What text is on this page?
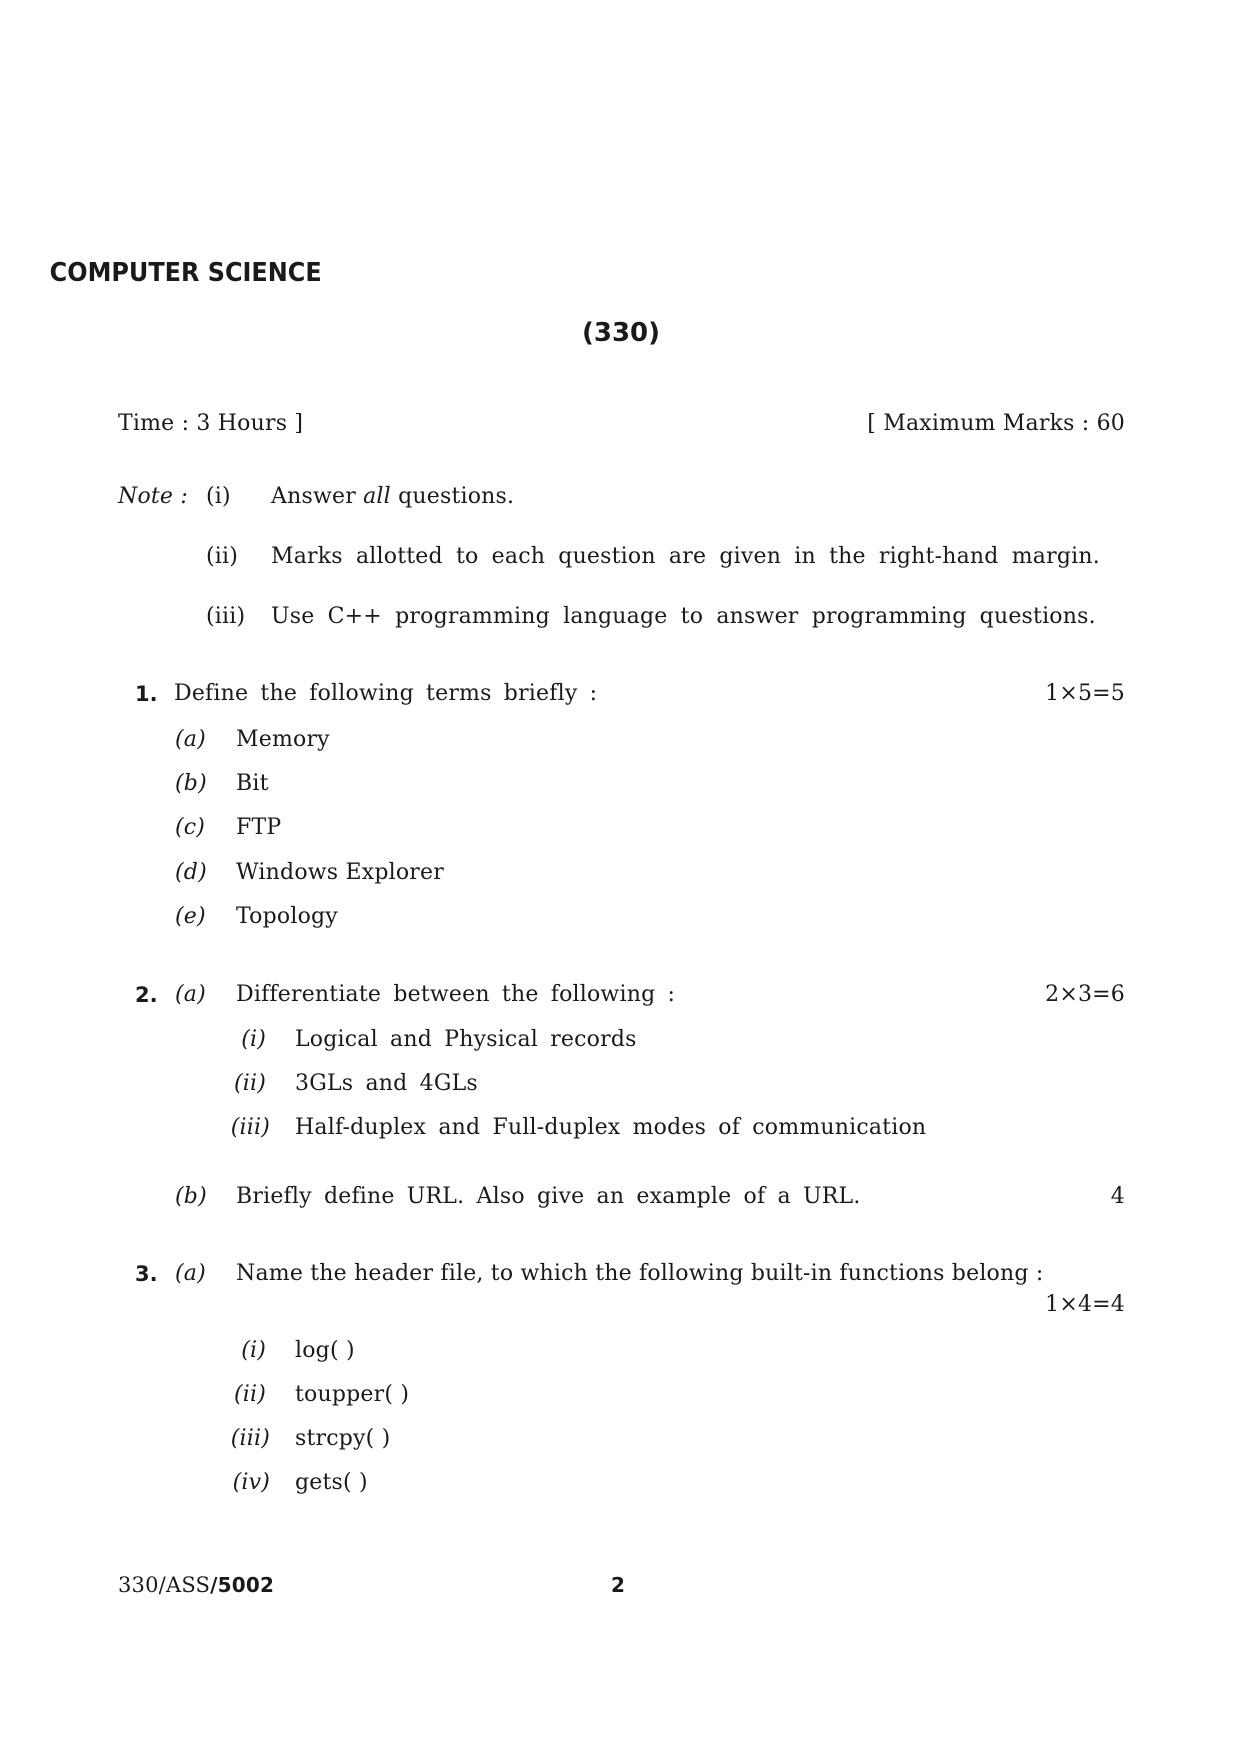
COMPUTER SCIENCE
(330)
Time : 3 Hours ]	[ Maximum Marks : 60
Note : (i) Answer all questions.
(ii) Marks allotted to each question are given in the right-hand margin.
(iii) Use C++ programming language to answer programming questions.
1. Define the following terms briefly :	1×5=5
(a) Memory
(b) Bit
(c) FTP
(d) Windows Explorer
(e) Topology
2. (a) Differentiate between the following :	2×3=6
(i) Logical and Physical records
(ii) 3GLs and 4GLs
(iii) Half-duplex and Full-duplex modes of communication
(b) Briefly define URL. Also give an example of a URL.	4
3. (a) Name the header file, to which the following built-in functions belong :
1×4=4
(i) log( )
(ii) toupper( )
(iii) strcpy( )
(iv) gets( )
330/ASS/5002	2
